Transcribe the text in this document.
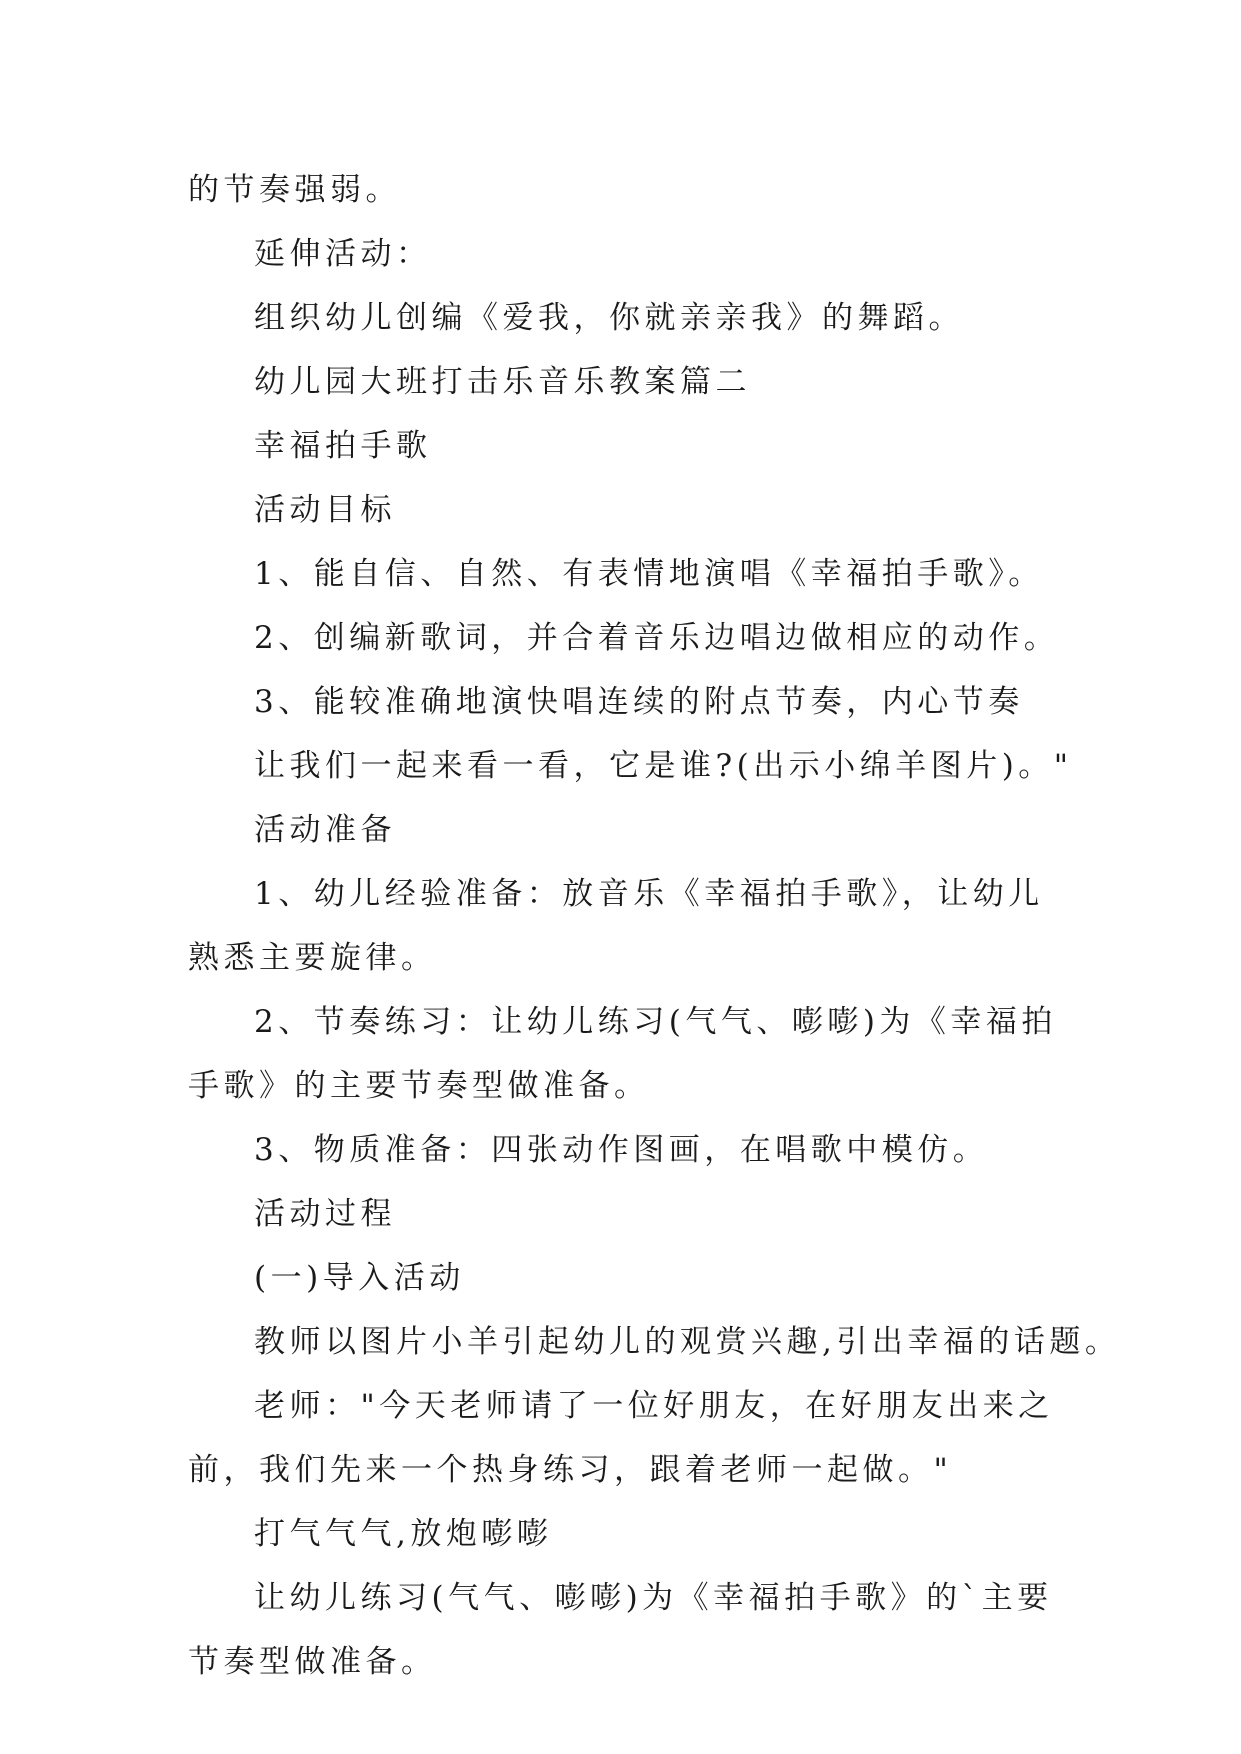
的节奏强弱。

延伸活动：

组织幼儿创编《爱我，你就亲亲我》的舞蹈。

幼儿园大班打击乐音乐教案篇二

幸福拍手歌

活动目标

1、能自信、自然、有表情地演唱《幸福拍手歌》。

2、创编新歌词，并合着音乐边唱边做相应的动作。

3、能较准确地演快唱连续的附点节奏，内心节奏

让我们一起来看一看，它是谁?(出示小绵羊图片)。"

活动准备

1、幼儿经验准备：放音乐《幸福拍手歌》，让幼儿熟悉主要旋律。

2、节奏练习：让幼儿练习(气气、嘭嘭)为《幸福拍手歌》的主要节奏型做准备。

3、物质准备：四张动作图画，在唱歌中模仿。

活动过程

(一)导入活动

教师以图片小羊引起幼儿的观赏兴趣,引出幸福的话题。

老师："今天老师请了一位好朋友，在好朋友出来之前，我们先来一个热身练习，跟着老师一起做。"

打气气气,放炮嘭嘭

让幼儿练习(气气、嘭嘭)为《幸福拍手歌》的`主要节奏型做准备。
